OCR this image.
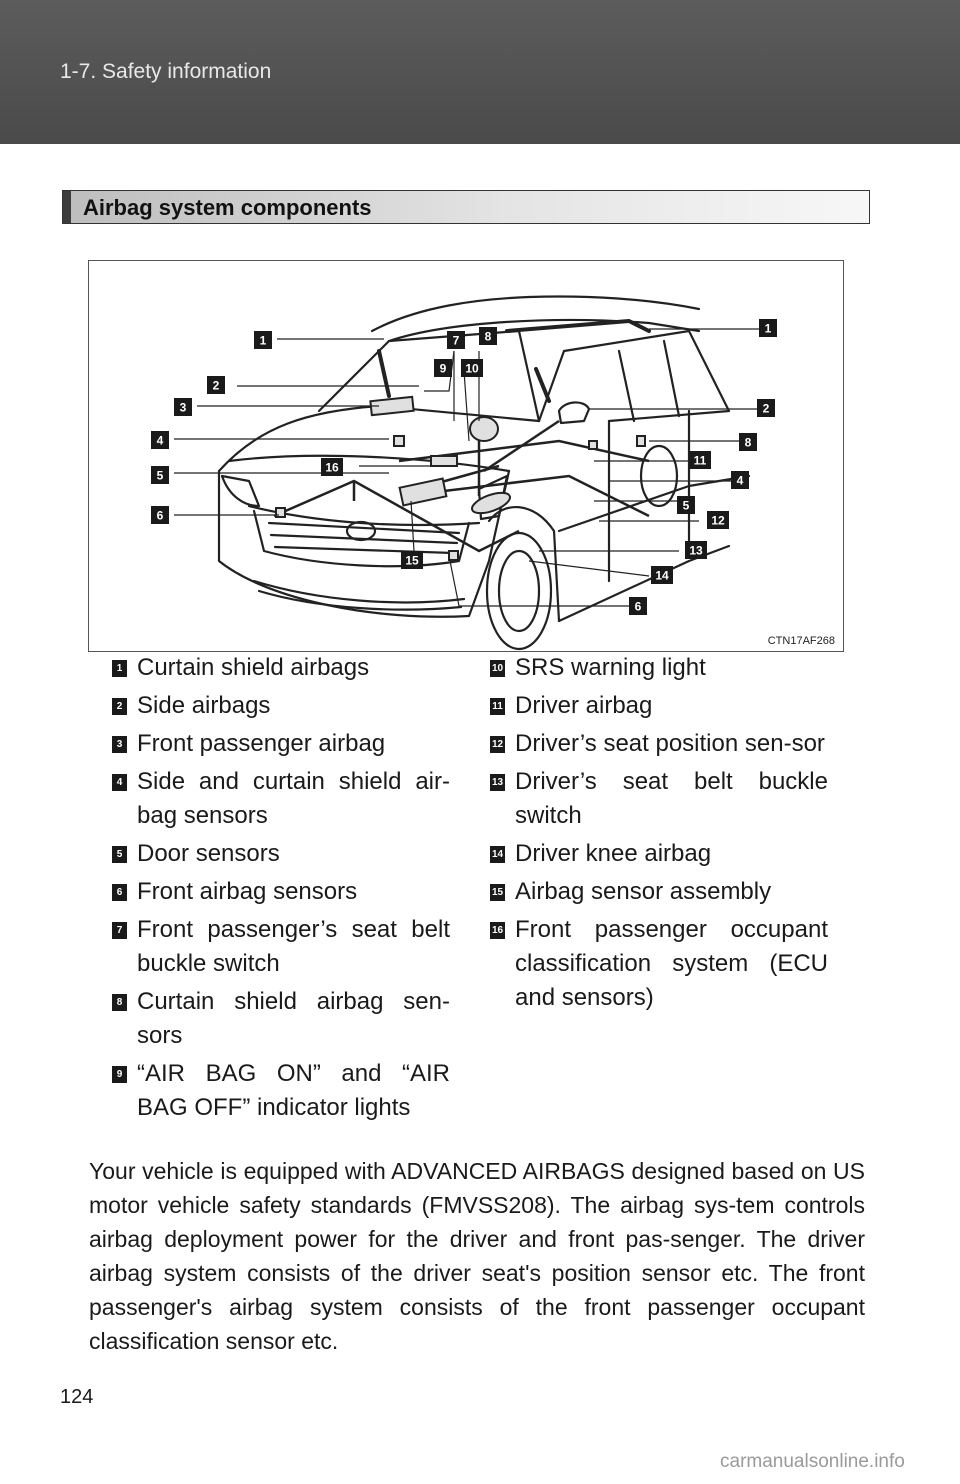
1-7. Safety information
Airbag system components
1	7 8
1
2
9 10
3	2
4	8
5
16	11
4
6
5
12
15
13
14
6
CTN17AF268
1 Curtain shield airbags
2 Side airbags
3 Front passenger airbag
4 Side and curtain shield air-bag sensors
5 Door sensors
6 Front airbag sensors
7 Front passenger’s seat belt buckle switch
8 Curtain shield airbag sen-sors
9 “AIR BAG ON” and “AIR BAG OFF” indicator lights
10 SRS warning light
11 Driver airbag
12 Driver’s seat position sen-sor
13 Driver’s seat belt buckle switch
14 Driver knee airbag
15 Airbag sensor assembly
16 Front passenger occupant classification system (ECU and sensors)
Your vehicle is equipped with ADVANCED AIRBAGS designed based on US motor vehicle safety standards (FMVSS208). The airbag sys-tem controls airbag deployment power for the driver and front pas-senger. The driver airbag system consists of the driver seat's position sensor etc. The front passenger's airbag system consists of the front passenger occupant classification sensor etc.
124
carmanualsonline.info
